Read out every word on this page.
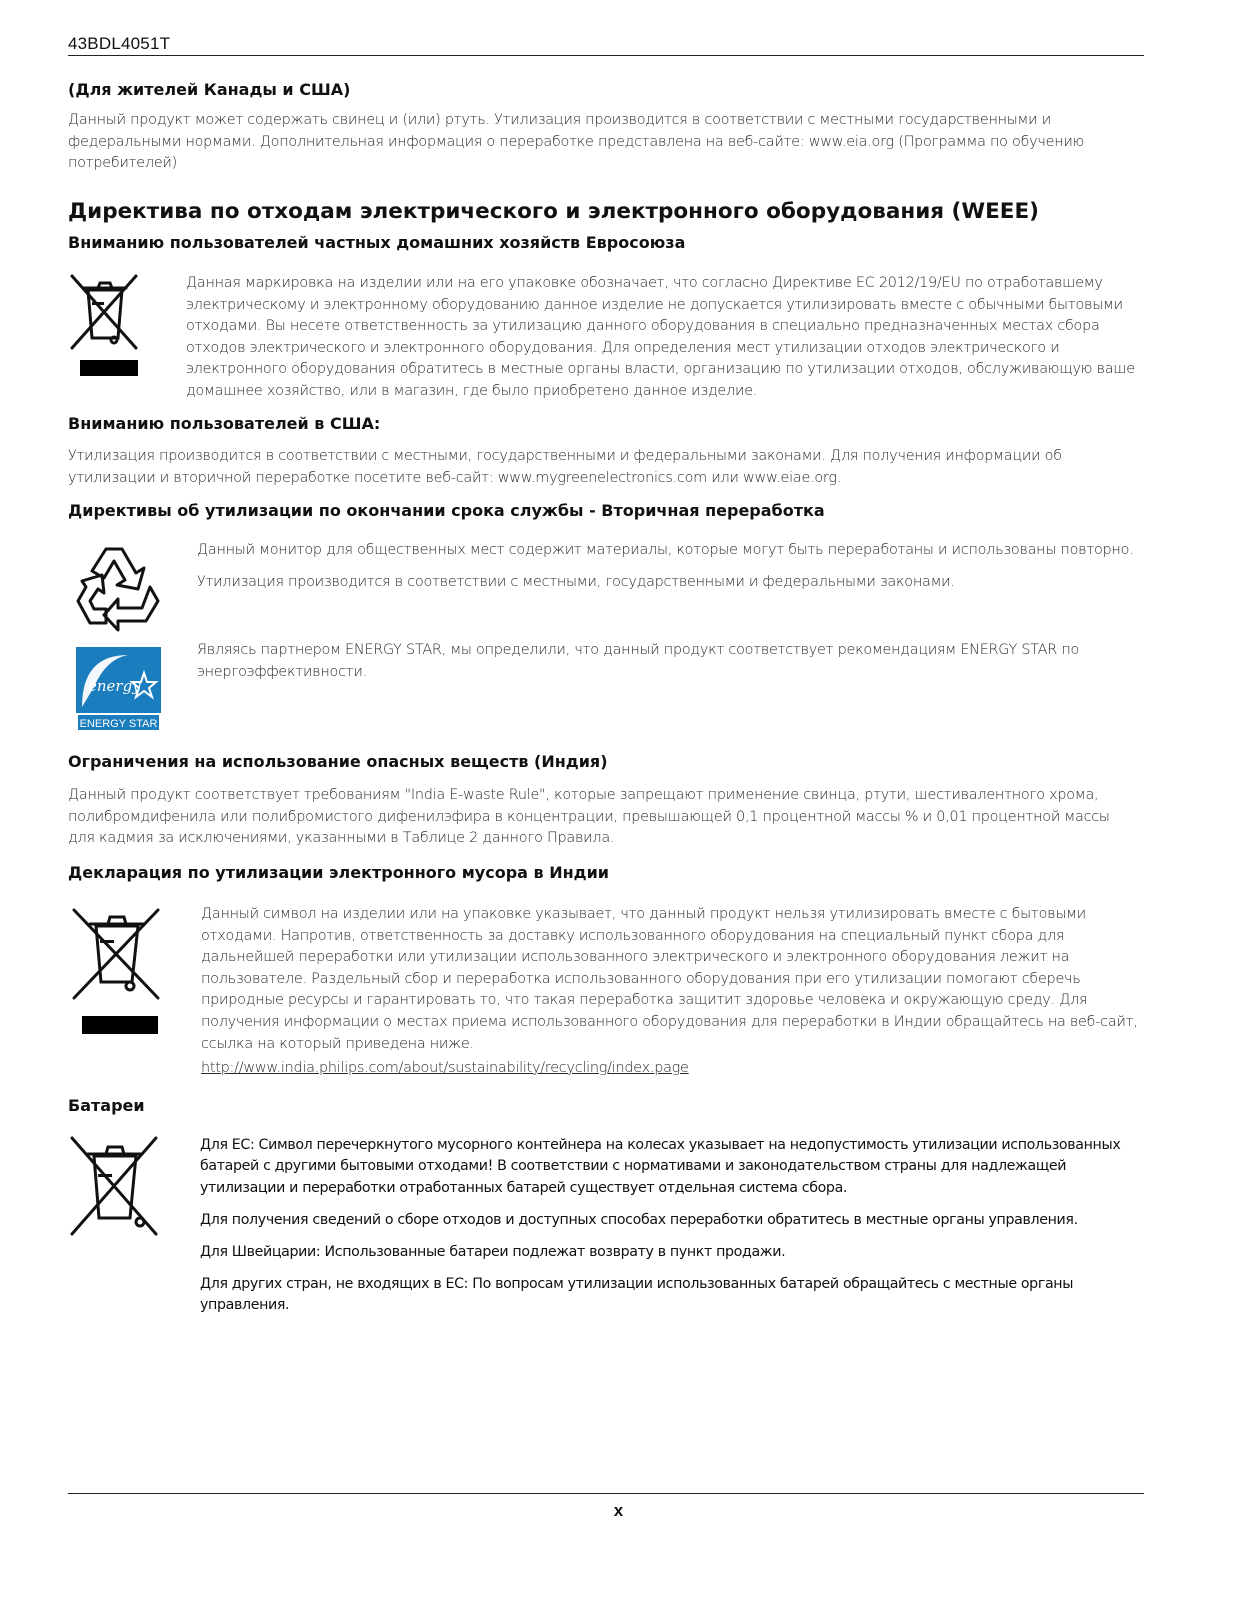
43BDL4051T
(Для жителей Канады и США)

Данный продукт может содержать свинец и (или) ртуть. Утилизация производится в соответствии с местными государственными и федеральными нормами. Дополнительная информация о переработке представлена на веб-сайте: www.eia.org (Программа по обучению потребителей)

Директива по отходам электрического и электронного оборудования (WEEE)
Вниманию пользователей частных домашних хозяйств Евросоюза

Данная маркировка на изделии или на его упаковке обозначает, что согласно Директиве ЕС 2012/19/EU по отработавшему электрическому и электронному оборудованию данное изделие не допускается утилизировать вместе с обычными бытовыми отходами. Вы несете ответственность за утилизацию данного оборудования в специально предназначенных местах сбора отходов электрического и электронного оборудования. Для определения мест утилизации отходов электрического и электронного оборудования обратитесь в местные органы власти, организацию по утилизации отходов, обслуживающую ваше домашнее хозяйство, или в магазин, где было приобретено данное изделие.

Вниманию пользователей в США:

Утилизация производится в соответствии с местными, государственными и федеральными законами. Для получения информации об утилизации и вторичной переработке посетите веб-сайт: www.mygreenelectronics.com или www.eiae.org.

Директивы об утилизации по окончании срока службы - Вторичная переработка

Данный монитор для общественных мест содержит материалы, которые могут быть переработаны и использованы повторно.

Утилизация производится в соответствии с местными, государственными и федеральными законами.

energy
ENERGY STAR

Являясь партнером ENERGY STAR, мы определили, что данный продукт соответствует рекомендациям ENERGY STAR по энергоэффективности.

Ограничения на использование опасных веществ (Индия)

Данный продукт соответствует требованиям "India E-waste Rule", которые запрещают применение свинца, ртути, шестивалентного хрома, полибромдифенила или полибромистого дифенилэфира в концентрации, превышающей 0,1 процентной массы % и 0,01 процентной массы для кадмия за исключениями, указанными в Таблице 2 данного Правила.

Декларация по утилизации электронного мусора в Индии

Данный символ на изделии или на упаковке указывает, что данный продукт нельзя утилизировать вместе с бытовыми отходами. Напротив, ответственность за доставку использованного оборудования на специальный пункт сбора для дальнейшей переработки или утилизации использованного электрического и электронного оборудования лежит на пользователе. Раздельный сбор и переработка использованного оборудования при его утилизации помогают сберечь природные ресурсы и гарантировать то, что такая переработка защитит здоровье человека и окружающую среду. Для получения информации о местах приема использованного оборудования для переработки в Индии обращайтесь на веб-сайт, ссылка на который приведена ниже.

http://www.india.philips.com/about/sustainability/recycling/index.page
Батареи

Для ЕС: Символ перечеркнутого мусорного контейнера на колесах указывает на недопустимость утилизации использованных батарей с другими бытовыми отходами! В соответствии с нормативами и законодательством страны для надлежащей утилизации и переработки отработанных батарей существует отдельная система сбора.

Для получения сведений о сборе отходов и доступных способах переработки обратитесь в местные органы управления.

Для Швейцарии: Использованные батареи подлежат возврату в пункт продажи.

Для других стран, не входящих в ЕС: По вопросам утилизации использованных батарей обращайтесь с местные органы управления.

x
